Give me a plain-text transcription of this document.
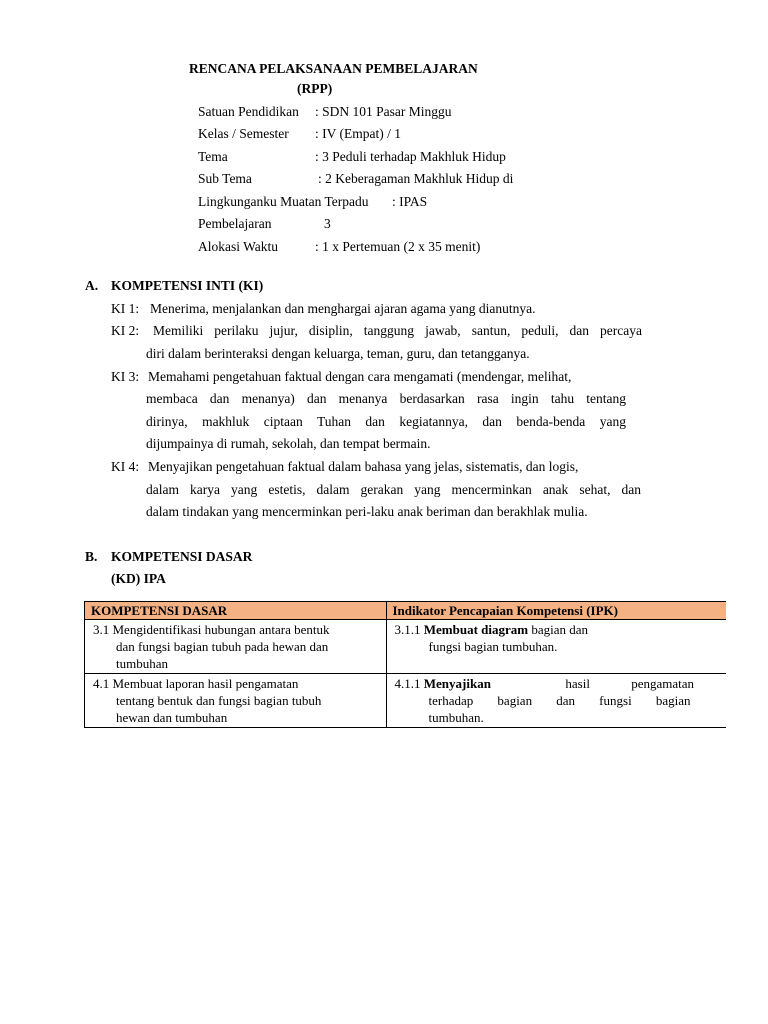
RENCANA PELAKSANAAN PEMBELAJARAN
(RPP)
Satuan Pendidikan : SDN 101 Pasar Minggu
Kelas / Semester : IV (Empat) / 1
Tema	: 3 Peduli terhadap Makhluk Hidup
Sub Tema	: 2 Keberagaman Makhluk Hidup di
Lingkunganku Muatan Terpadu : IPAS
Pembelajaran	3
Alokasi Waktu	: 1 x Pertemuan (2 x 35 menit)
A. KOMPETENSI INTI (KI)
KI 1: Menerima, menjalankan dan menghargai ajaran agama yang dianutnya.
KI 2: Memiliki perilaku jujur, disiplin, tanggung jawab, santun, peduli, dan percaya
diri dalam berinteraksi dengan keluarga, teman, guru, dan tetangganya.
KI 3: Memahami pengetahuan faktual dengan cara mengamati (mendengar, melihat,
membaca dan menanya) dan menanya berdasarkan rasa ingin tahu tentang
dirinya, makhluk ciptaan Tuhan dan kegiatannya, dan benda-benda yang
dijumpainya di rumah, sekolah, dan tempat bermain.
KI 4: Menyajikan pengetahuan faktual dalam bahasa yang jelas, sistematis, dan logis,
dalam karya yang estetis, dalam gerakan yang mencerminkan anak sehat, dan
dalam tindakan yang mencerminkan peri-laku anak beriman dan berakhlak mulia.
B. KOMPETENSI DASAR
(KD) IPA
KOMPETENSI DASAR	Indikator Pencapaian Kompetensi (IPK)

3.1 Mengidentifikasi hubungan antara bentuk
dan fungsi bagian tubuh pada hewan dan
tumbuhan	3.1.1 Membuat diagram bagian dan
fungsi bagian tumbuhan.

4.1 Membuat laporan hasil pengamatan
tentang bentuk dan fungsi bagian tubuh
hewan dan tumbuhan	4.1.1 Menyajikan hasil pengamatan
terhadap bagian dan fungsi bagian
tumbuhan.
